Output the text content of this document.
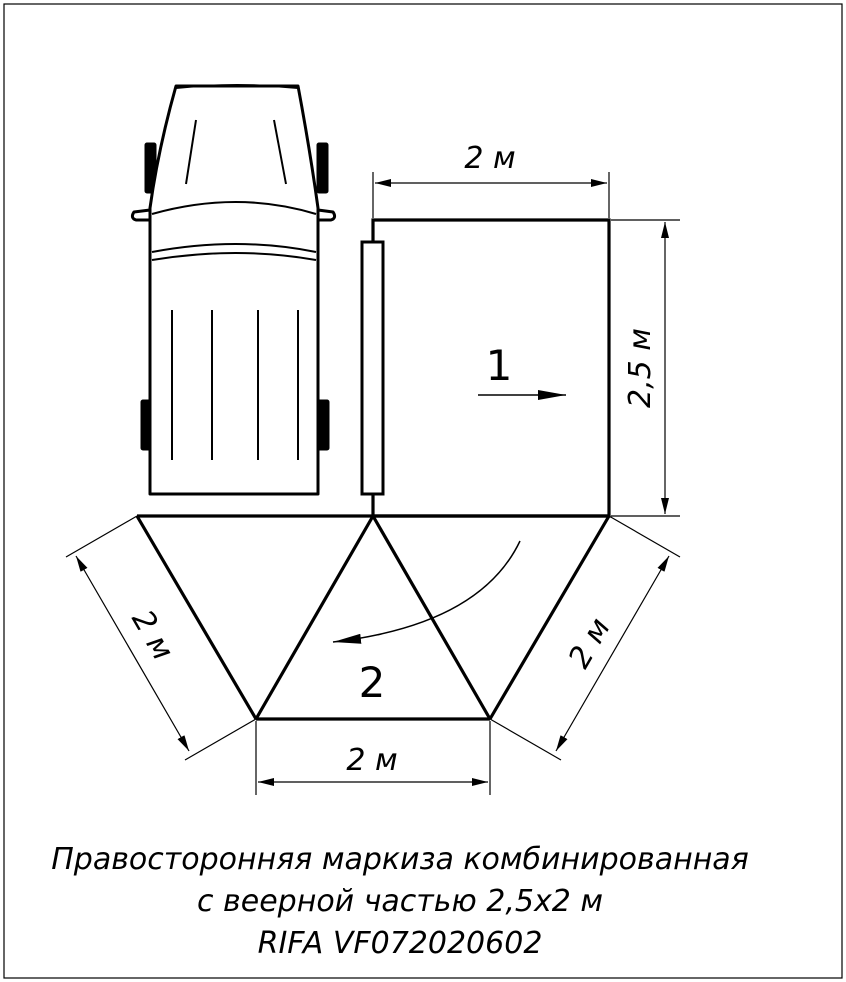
2 м
2,5 м
2 м	2 м
2 м
1
2
Правосторонняя маркиза комбинированная
с веерной частью 2,5х2 м
RIFA VF072020602
